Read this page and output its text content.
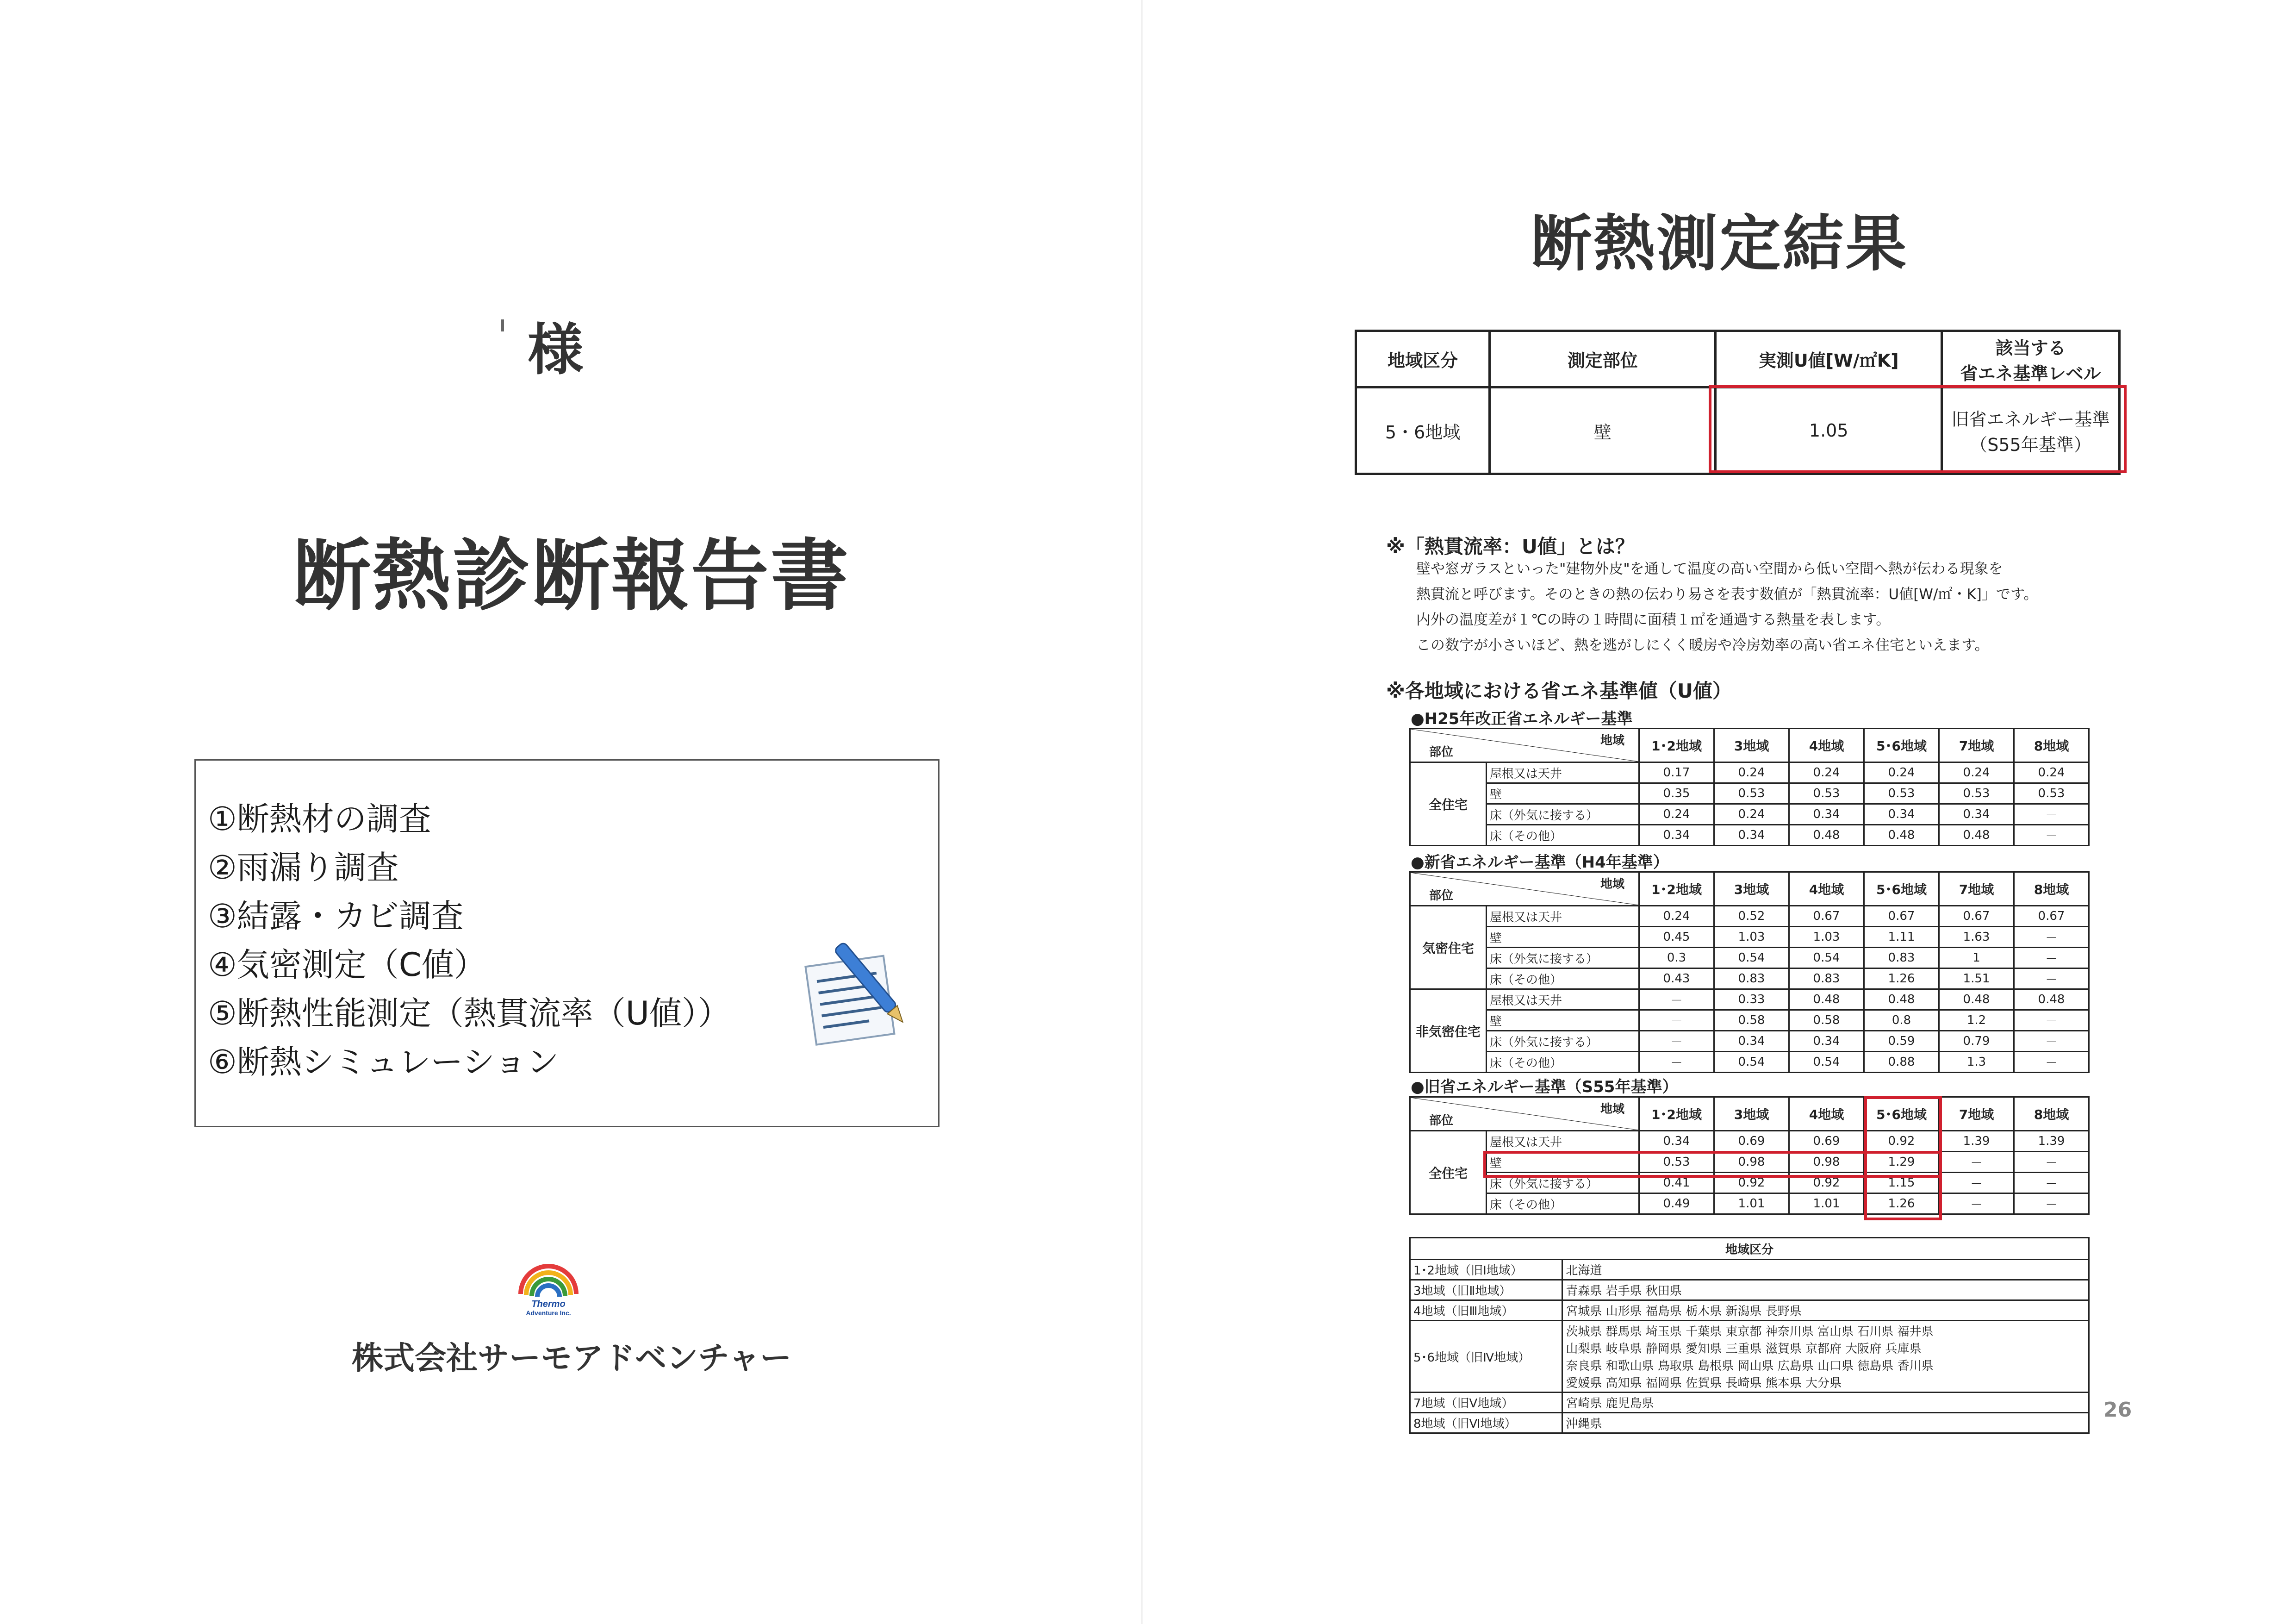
様
断熱診断報告書
①断熱材の調査
②雨漏り調査
③結露・カビ調査
④気密測定（C値）
⑤断熱性能測定（熱貫流率（U値））
⑥断熱シミュレーション
Thermo
Adventure Inc.
株式会社サーモアドベンチャー
断熱測定結果
地域区分	測定部位	実測U値[W/㎡K]	該当する
省エネ基準レベル

5・6地域	壁	1.05	旧省エネルギー基準
（S55年基準）
※「熱貫流率：U値」とは？
壁や窓ガラスといった"建物外皮"を通して温度の高い空間から低い空間へ熱が伝わる現象を
熱貫流と呼びます。そのときの熱の伝わり易さを表す数値が「熱貫流率：U値[W/㎡・K]」です。
内外の温度差が１℃の時の１時間に面積１㎡を通過する熱量を表します。
この数字が小さいほど、熱を逃がしにくく暖房や冷房効率の高い省エネ住宅といえます。
※各地域における省エネ基準値（U値）
●H25年改正省エネルギー基準
地域
部位		1･2地域	3地域	4地域	5･6地域	7地域	8地域
全住宅	屋根又は天井	0.17	0.24	0.24	0.24	0.24	0.24
	壁	0.35	0.53	0.53	0.53	0.53	0.53
	床（外気に接する）	0.24	0.24	0.34	0.34	0.34	－
	床（その他）	0.34	0.34	0.48	0.48	0.48	－
●新省エネルギー基準（H4年基準）
地域
部位		1･2地域	3地域	4地域	5･6地域	7地域	8地域
気密住宅	屋根又は天井	0.24	0.52	0.67	0.67	0.67	0.67
	壁	0.45	1.03	1.03	1.11	1.63	－
	床（外気に接する）	0.3	0.54	0.54	0.83	1	－
	床（その他）	0.43	0.83	0.83	1.26	1.51	－
非気密住宅	屋根又は天井	－	0.33	0.48	0.48	0.48	0.48
	壁	－	0.58	0.58	0.8	1.2	－
	床（外気に接する）	－	0.34	0.34	0.59	0.79	－
	床（その他）	－	0.54	0.54	0.88	1.3	－
●旧省エネルギー基準（S55年基準）
地域
部位		1･2地域	3地域	4地域	5･6地域	7地域	8地域
全住宅	屋根又は天井	0.34	0.69	0.69	0.92	1.39	1.39
	壁	0.53	0.98	0.98	1.29	－	－
	床（外気に接する）	0.41	0.92	0.92	1.15	－	－
	床（その他）	0.49	1.01	1.01	1.26	－	－
地域区分	
1･2地域（旧Ⅰ地域）	北海道

3地域（旧Ⅱ地域）	青森県 岩手県 秋田県

4地域（旧Ⅲ地域）	宮城県 山形県 福島県 栃木県 新潟県 長野県

5･6地域（旧Ⅳ地域）	茨城県 群馬県 埼玉県 千葉県 東京都 神奈川県 富山県 石川県 福井県
山梨県 岐阜県 静岡県 愛知県 三重県 滋賀県 京都府 大阪府 兵庫県
奈良県 和歌山県 鳥取県 島根県 岡山県 広島県 山口県 徳島県 香川県
愛媛県 高知県 福岡県 佐賀県 長崎県 熊本県 大分県

7地域（旧Ⅴ地域）	宮崎県 鹿児島県

8地域（旧Ⅵ地域）	沖縄県
26
